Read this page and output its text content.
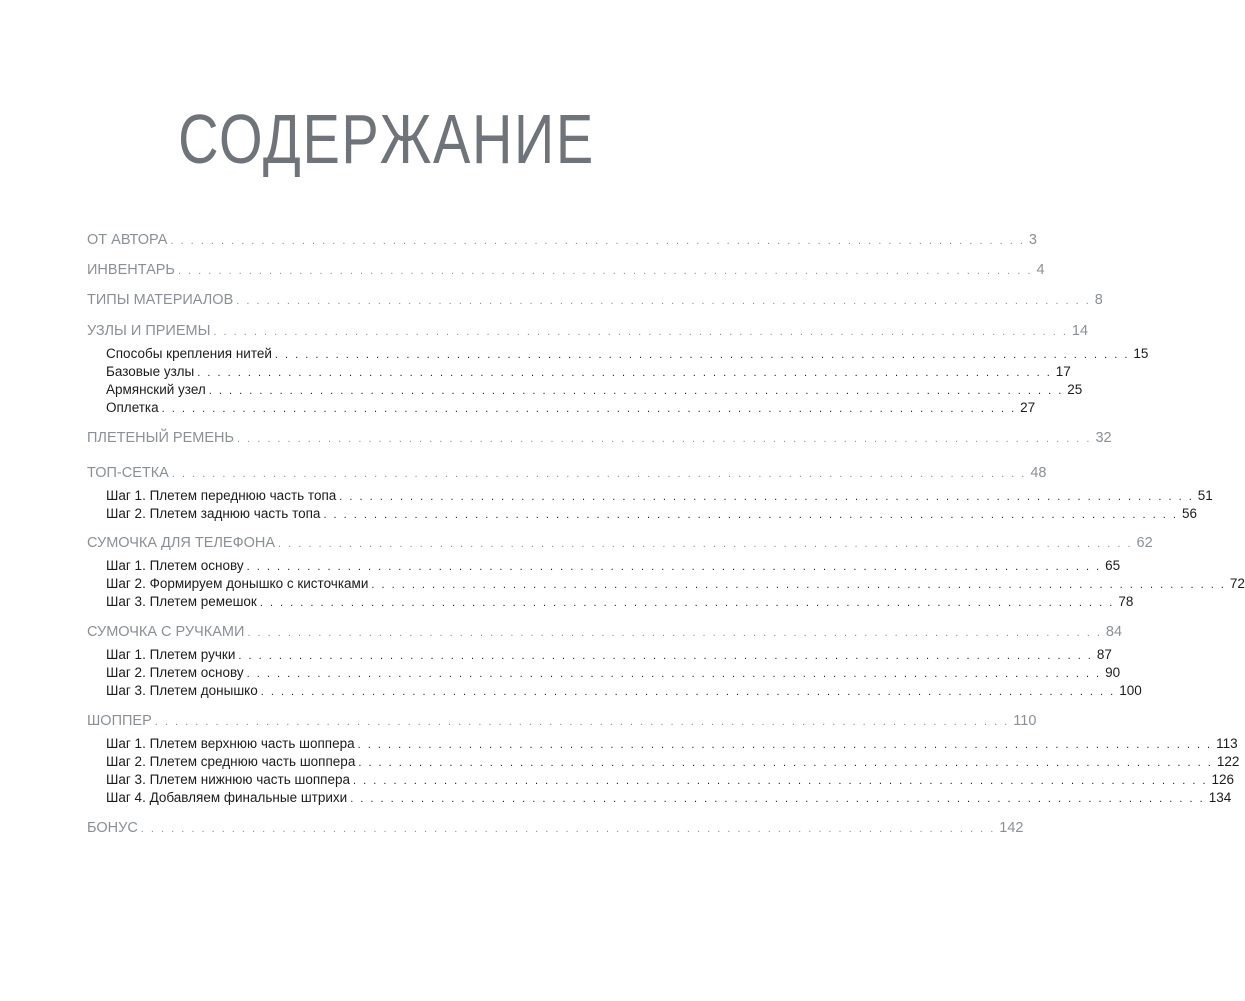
СОДЕРЖАНИЕ
ОТ АВТОРА . . . . . . . . . . . . . . . . . . . . . . . . . . . . . . . . . . . . . . . . . . . . . . . . . . . . . . . . . . . . . . . . . . . . . . . . . . . . . . . . . . . . . 3
ИНВЕНТАРЬ . . . . . . . . . . . . . . . . . . . . . . . . . . . . . . . . . . . . . . . . . . . . . . . . . . . . . . . . . . . . . . . . . . . . . . . . . . . . . . . . . . . . . 4
ТИПЫ МАТЕРИАЛОВ . . . . . . . . . . . . . . . . . . . . . . . . . . . . . . . . . . . . . . . . . . . . . . . . . . . . . . . . . . . . . . . . . . . . . . . . . . . . . . . . . . . . . 8
УЗЛЫ И ПРИЕМЫ . . . . . . . . . . . . . . . . . . . . . . . . . . . . . . . . . . . . . . . . . . . . . . . . . . . . . . . . . . . . . . . . . . . . . . . . . . . . . . . . . . . . . 14
Способы крепления нитей . . . . . . . . . . . . . . . . . . . . . . . . . . . . . . . . . . . . . . . . . . . . . . . . . . . . . . . . . . . . . . . . . . . . . . . . . . . . . . . . . . . . . 15
Базовые узлы . . . . . . . . . . . . . . . . . . . . . . . . . . . . . . . . . . . . . . . . . . . . . . . . . . . . . . . . . . . . . . . . . . . . . . . . . . . . . . . . . . . . . 17
Армянский узел . . . . . . . . . . . . . . . . . . . . . . . . . . . . . . . . . . . . . . . . . . . . . . . . . . . . . . . . . . . . . . . . . . . . . . . . . . . . . . . . . . . . . 25
Оплетка . . . . . . . . . . . . . . . . . . . . . . . . . . . . . . . . . . . . . . . . . . . . . . . . . . . . . . . . . . . . . . . . . . . . . . . . . . . . . . . . . . . . . 27
ПЛЕТЕНЫЙ РЕМЕНЬ . . . . . . . . . . . . . . . . . . . . . . . . . . . . . . . . . . . . . . . . . . . . . . . . . . . . . . . . . . . . . . . . . . . . . . . . . . . . . . . . . . . . . 32
ТОП-СЕТКА . . . . . . . . . . . . . . . . . . . . . . . . . . . . . . . . . . . . . . . . . . . . . . . . . . . . . . . . . . . . . . . . . . . . . . . . . . . . . . . . . . . . . 48
Шаг 1. Плетем переднюю часть топа . . . . . . . . . . . . . . . . . . . . . . . . . . . . . . . . . . . . . . . . . . . . . . . . . . . . . . . . . . . . . . . . . . . . . . . . . . . . . . . . . . . . . 51
Шаг 2. Плетем заднюю часть топа . . . . . . . . . . . . . . . . . . . . . . . . . . . . . . . . . . . . . . . . . . . . . . . . . . . . . . . . . . . . . . . . . . . . . . . . . . . . . . . . . . . . . 56
СУМОЧКА ДЛЯ ТЕЛЕФОНА . . . . . . . . . . . . . . . . . . . . . . . . . . . . . . . . . . . . . . . . . . . . . . . . . . . . . . . . . . . . . . . . . . . . . . . . . . . . . . . . . . . . . 62
Шаг 1. Плетем основу . . . . . . . . . . . . . . . . . . . . . . . . . . . . . . . . . . . . . . . . . . . . . . . . . . . . . . . . . . . . . . . . . . . . . . . . . . . . . . . . . . . . . 65
Шаг 2. Формируем донышко с кисточками . . . . . . . . . . . . . . . . . . . . . . . . . . . . . . . . . . . . . . . . . . . . . . . . . . . . . . . . . . . . . . . . . . . . . . . . . . . . . . . . . . . . . 72
Шаг 3. Плетем ремешок . . . . . . . . . . . . . . . . . . . . . . . . . . . . . . . . . . . . . . . . . . . . . . . . . . . . . . . . . . . . . . . . . . . . . . . . . . . . . . . . . . . . . 78
СУМОЧКА С РУЧКАМИ . . . . . . . . . . . . . . . . . . . . . . . . . . . . . . . . . . . . . . . . . . . . . . . . . . . . . . . . . . . . . . . . . . . . . . . . . . . . . . . . . . . . . 84
Шаг 1. Плетем ручки . . . . . . . . . . . . . . . . . . . . . . . . . . . . . . . . . . . . . . . . . . . . . . . . . . . . . . . . . . . . . . . . . . . . . . . . . . . . . . . . . . . . . 87
Шаг 2. Плетем основу . . . . . . . . . . . . . . . . . . . . . . . . . . . . . . . . . . . . . . . . . . . . . . . . . . . . . . . . . . . . . . . . . . . . . . . . . . . . . . . . . . . . . 90
Шаг 3. Плетем донышко . . . . . . . . . . . . . . . . . . . . . . . . . . . . . . . . . . . . . . . . . . . . . . . . . . . . . . . . . . . . . . . . . . . . . . . . . . . . . . . . . . . . . 100
ШОППЕР . . . . . . . . . . . . . . . . . . . . . . . . . . . . . . . . . . . . . . . . . . . . . . . . . . . . . . . . . . . . . . . . . . . . . . . . . . . . . . . . . . . . . 110
Шаг 1. Плетем верхнюю часть шоппера . . . . . . . . . . . . . . . . . . . . . . . . . . . . . . . . . . . . . . . . . . . . . . . . . . . . . . . . . . . . . . . . . . . . . . . . . . . . . . . . . . . . . 113
Шаг 2. Плетем среднюю часть шоппера . . . . . . . . . . . . . . . . . . . . . . . . . . . . . . . . . . . . . . . . . . . . . . . . . . . . . . . . . . . . . . . . . . . . . . . . . . . . . . . . . . . . . 122
Шаг 3. Плетем нижнюю часть шоппера . . . . . . . . . . . . . . . . . . . . . . . . . . . . . . . . . . . . . . . . . . . . . . . . . . . . . . . . . . . . . . . . . . . . . . . . . . . . . . . . . . . . . 126
Шаг 4. Добавляем финальные штрихи . . . . . . . . . . . . . . . . . . . . . . . . . . . . . . . . . . . . . . . . . . . . . . . . . . . . . . . . . . . . . . . . . . . . . . . . . . . . . . . . . . . . . 134
БОНУС . . . . . . . . . . . . . . . . . . . . . . . . . . . . . . . . . . . . . . . . . . . . . . . . . . . . . . . . . . . . . . . . . . . . . . . . . . . . . . . . . . . . . 142
